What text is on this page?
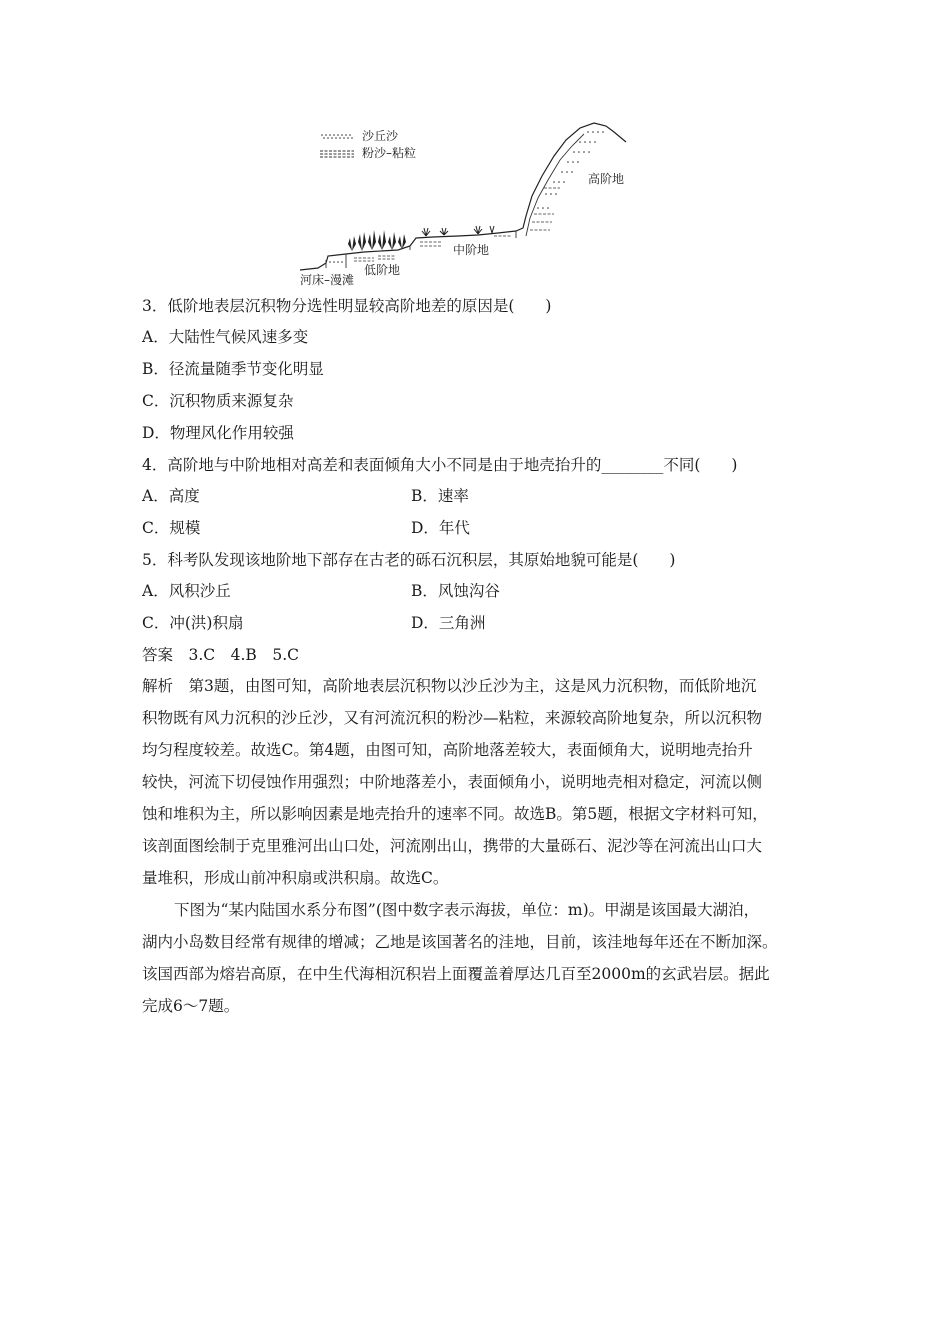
沙丘沙
粉沙–粘粒
高阶地
中阶地
低阶地
河床–漫滩
3．低阶地表层沉积物分选性明显较高阶地差的原因是(　　)
A．大陆性气候风速多变
B．径流量随季节变化明显
C．沉积物质来源复杂
D．物理风化作用较强
4．高阶地与中阶地相对高差和表面倾角大小不同是由于地壳抬升的________不同(　　)
A．高度	B．速率
C．规模	D．年代
5．科考队发现该地阶地下部存在古老的砾石沉积层，其原始地貌可能是(　　)
A．风积沙丘	B．风蚀沟谷
C．冲(洪)积扇	D．三角洲
答案　3.C　4.B　5.C
解析　第3题，由图可知，高阶地表层沉积物以沙丘沙为主，这是风力沉积物，而低阶地沉
积物既有风力沉积的沙丘沙，又有河流沉积的粉沙—粘粒，来源较高阶地复杂，所以沉积物
均匀程度较差。故选C。第4题，由图可知，高阶地落差较大，表面倾角大，说明地壳抬升
较快，河流下切侵蚀作用强烈；中阶地落差小，表面倾角小，说明地壳相对稳定，河流以侧
蚀和堆积为主，所以影响因素是地壳抬升的速率不同。故选B。第5题，根据文字材料可知，
该剖面图绘制于克里雅河出山口处，河流刚出山，携带的大量砾石、泥沙等在河流出山口大
量堆积，形成山前冲积扇或洪积扇。故选C。
下图为“某内陆国水系分布图”(图中数字表示海拔，单位：m)。甲湖是该国最大湖泊，
湖内小岛数目经常有规律的增减；乙地是该国著名的洼地，目前，该洼地每年还在不断加深。
该国西部为熔岩高原，在中生代海相沉积岩上面覆盖着厚达几百至2000m的玄武岩层。据此
完成6～7题。
